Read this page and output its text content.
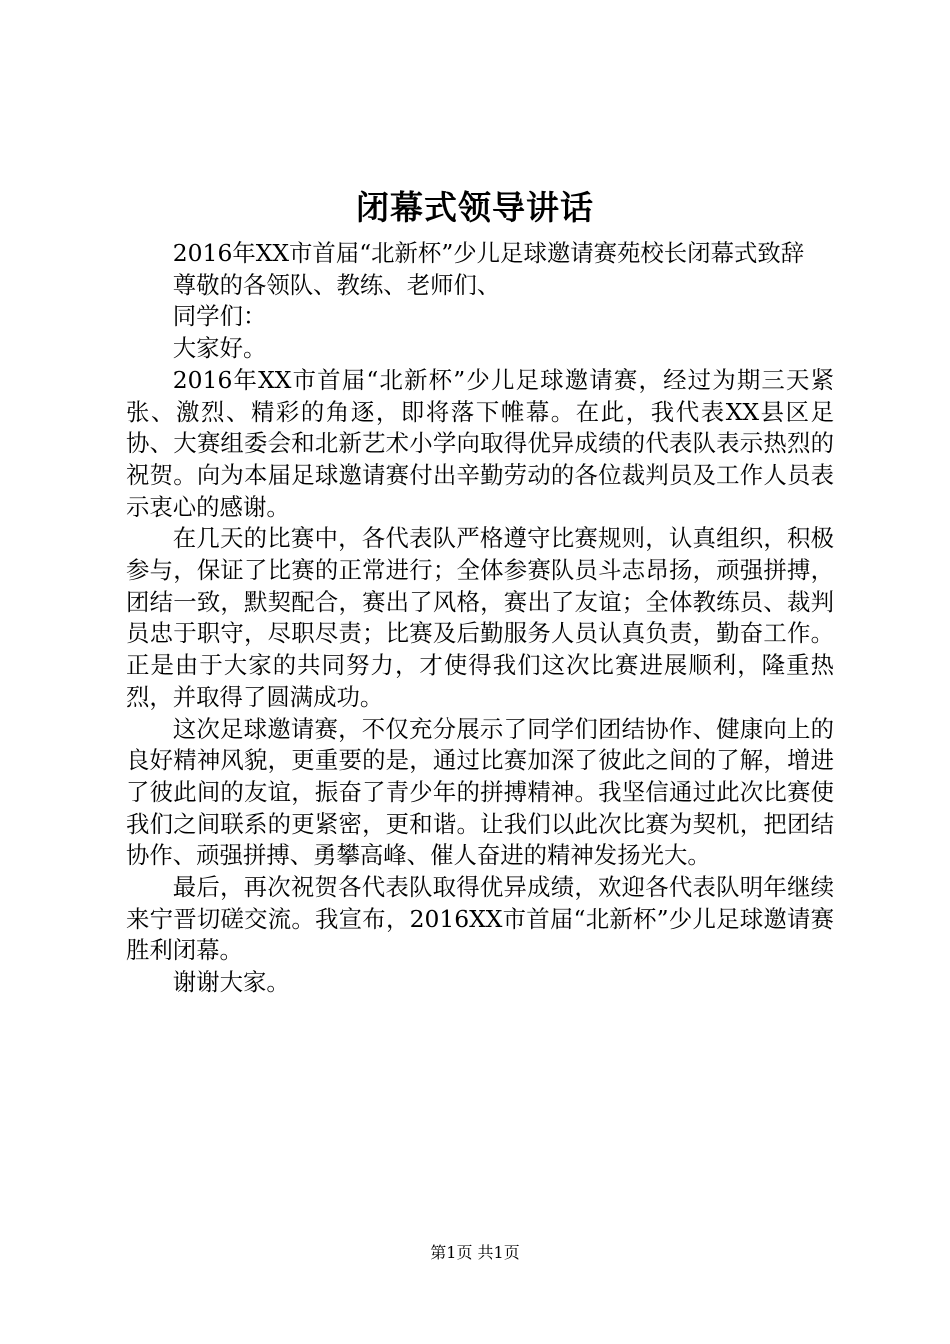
闭幕式领导讲话

2016年XX市首届“北新杯”少儿足球邀请赛苑校长闭幕式致辞

尊敬的各领队、教练、老师们、

同学们：

大家好。

2016年XX市首届“北新杯”少儿足球邀请赛，经过为期三天紧张、激烈、精彩的角逐，即将落下帷幕。在此，我代表XX县区足协、大赛组委会和北新艺术小学向取得优异成绩的代表队表示热烈的祝贺。向为本届足球邀请赛付出辛勤劳动的各位裁判员及工作人员表示衷心的感谢。

在几天的比赛中，各代表队严格遵守比赛规则，认真组织，积极参与，保证了比赛的正常进行；全体参赛队员斗志昂扬，顽强拼搏，团结一致，默契配合，赛出了风格，赛出了友谊；全体教练员、裁判员忠于职守，尽职尽责；比赛及后勤服务人员认真负责，勤奋工作。正是由于大家的共同努力，才使得我们这次比赛进展顺利，隆重热烈，并取得了圆满成功。

这次足球邀请赛，不仅充分展示了同学们团结协作、健康向上的良好精神风貌，更重要的是，通过比赛加深了彼此之间的了解，增进了彼此间的友谊，振奋了青少年的拼搏精神。我坚信通过此次比赛使我们之间联系的更紧密，更和谐。让我们以此次比赛为契机，把团结协作、顽强拼搏、勇攀高峰、催人奋进的精神发扬光大。

最后，再次祝贺各代表队取得优异成绩，欢迎各代表队明年继续来宁晋切磋交流。我宣布，2016XX市首届“北新杯”少儿足球邀请赛胜利闭幕。

谢谢大家。

第1页 共1页
